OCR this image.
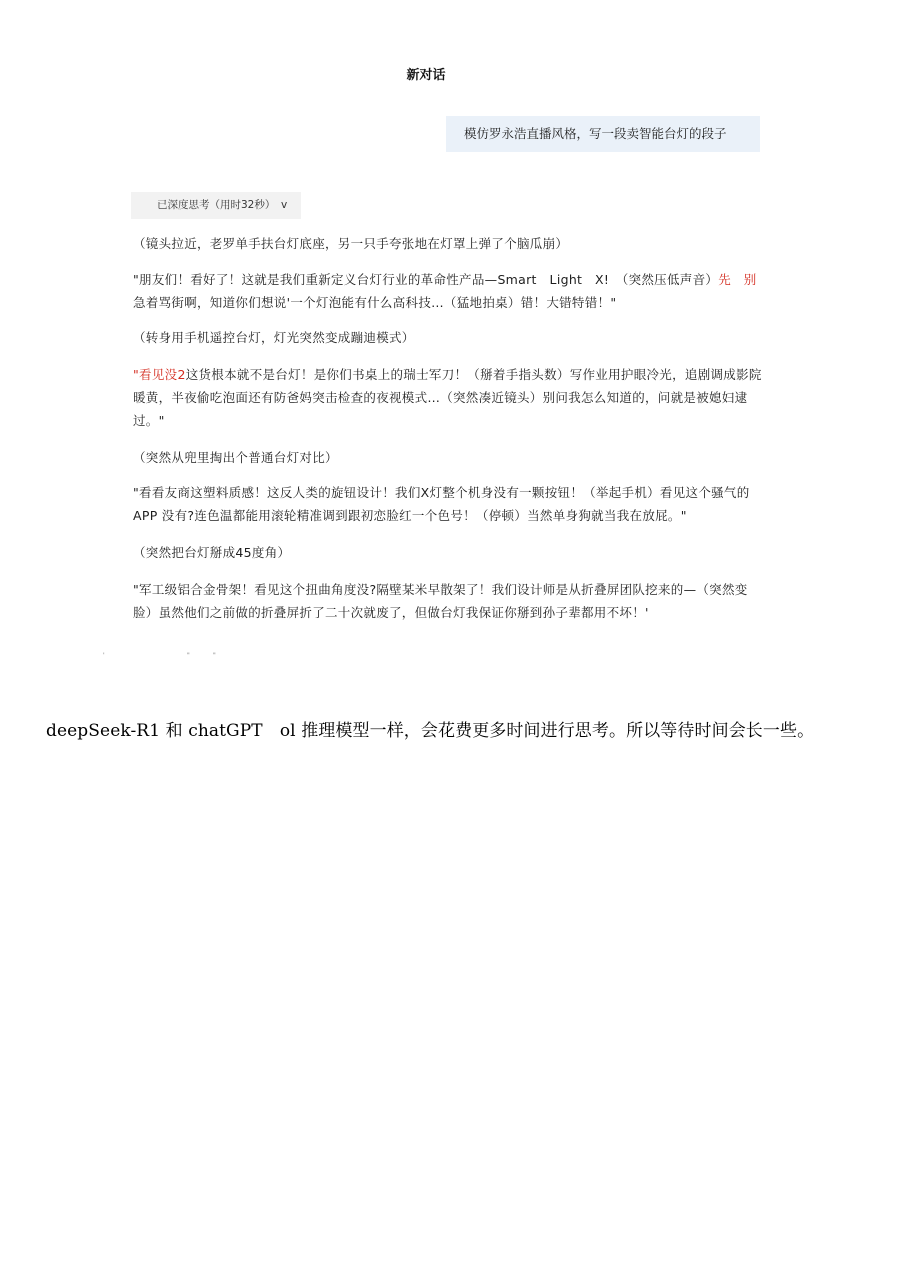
新对话
模仿罗永浩直播风格，写一段卖智能台灯的段子
已深度思考（用时32秒） v

（镜头拉近，老罗单手扶台灯底座，另一只手夸张地在灯罩上弹了个脑瓜崩）

"朋友们！看好了！这就是我们重新定义台灯行业的革命性产品—Smart　Light　X!　（突然压低声音）先　别急着骂街啊，知道你们想说'一个灯泡能有什么高科技…（猛地拍桌）错！大错特错！"

（转身用手机遥控台灯，灯光突然变成蹦迪模式）

"看见没2这货根本就不是台灯！是你们书桌上的瑞士军刀！（掰着手指头数）写作业用护眼冷光，追剧调成影院暖黄，半夜偷吃泡面还有防爸妈突击检查的夜视模式…（突然凑近镜头）别问我怎么知道的，问就是被媳妇逮过。"

（突然从兜里掏出个普通台灯对比）

"看看友商这塑料质感！这反人类的旋钮设计！我们X灯整个机身没有一颗按钮！（举起手机）看见这个骚气的APP 没有?连色温都能用滚轮精准调到跟初恋脸红一个色号！（停顿）当然单身狗就当我在放屁。"

（突然把台灯掰成45度角）

"军工级铝合金骨架！看见这个扭曲角度没?隔壁某米早散架了！我们设计师是从折叠屏团队挖来的—（突然变脸）虽然他们之前做的折叠屏折了二十次就废了，但做台灯我保证你掰到孙子辈都用不坏！'

'	"	"
deepSeek-R1 和 chatGPT　ol 推理模型一样，会花费更多时间进行思考。所以等待时间会长一些。
